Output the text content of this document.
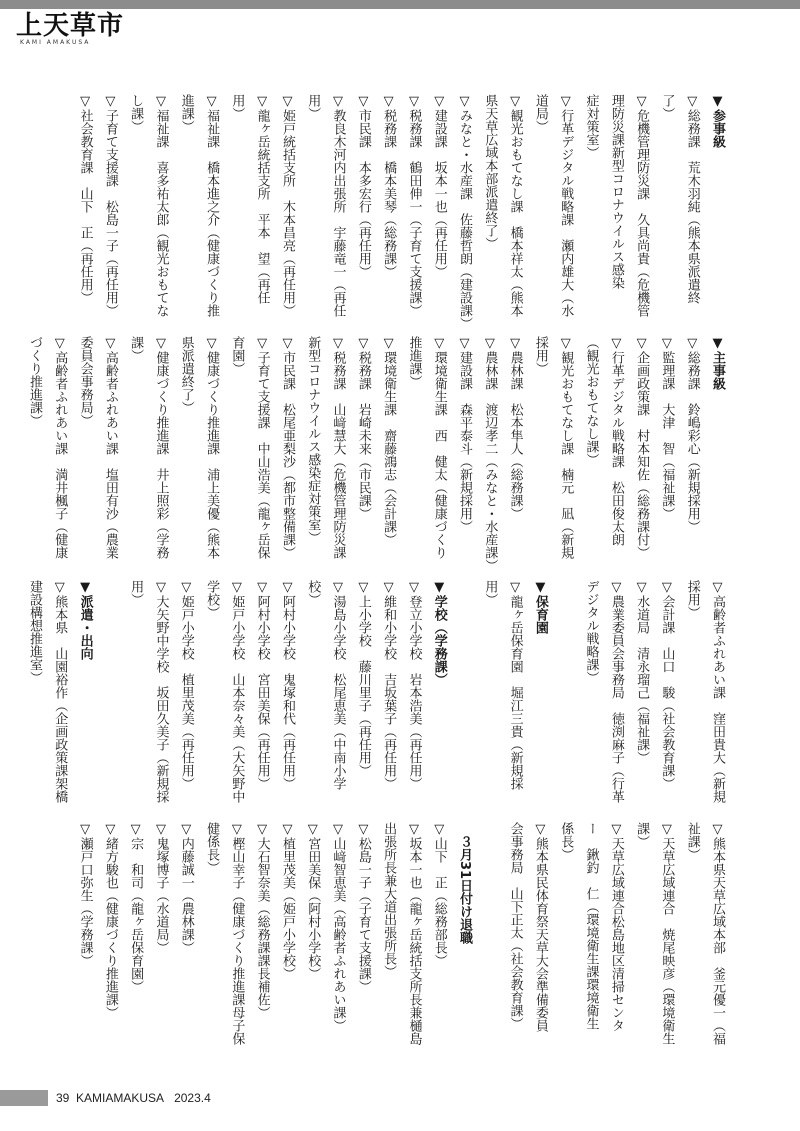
上天草市
KAMI AMAKUSA
▼参事級
▽総務課　荒木羽純（熊本県派遣終
了）
▽危機管理防災課　久具尚貴（危機管
理防災課新型コロナウイルス感染
症対策室）
▽行革デジタル戦略課　瀬内雄大（水
道局）
▽観光おもてなし課　橋本祥太（熊本
県天草広域本部派遣終了）
▽みなと・水産課　佐藤哲朗（建設課）
▽建設課　坂本一也（再任用）
▽税務課　鶴田伸一（子育て支援課）
▽税務課　橋本美琴（総務課）
▽市民課　本多宏行（再任用）
▽教良木河内出張所　宇藤竜一（再任
用）
▽姫戸統括支所　木本昌亮（再任用）
▽龍ヶ岳統括支所　平本　望（再任
用）
▽福祉課　橋本進之介（健康づくり推
進課）
▽福祉課　喜多祐太郎（観光おもてな
し課）
▽子育て支援課　松島一子（再任用）
▽社会教育課　山下　正（再任用）
▼主事級
▽総務課　鈴嶋彩心（新規採用）
▽監理課　大津　智（福祉課）
▽企画政策課　村本知佐（総務課付）
▽行革デジタル戦略課　松田俊太朗
（観光おもてなし課）
▽観光おもてなし課　楠元　凪（新規
採用）
▽農林課　松本隼人（総務課）
▽農林課　渡辺孝二（みなと・水産課）
▽建設課　森平泰斗（新規採用）
▽環境衛生課　西　健太（健康づくり
推進課）
▽環境衛生課　齋藤鴻志（会計課）
▽税務課　岩崎未来（市民課）
▽税務課　山﨑慧大（危機管理防災課
新型コロナウイルス感染症対策室）
▽市民課　松尾亜梨沙（都市整備課）
▽子育て支援課　中山浩美（龍ヶ岳保
育園）
▽健康づくり推進課　浦上美優（熊本
県派遣終了）
▽健康づくり推進課　井上照彩（学務
課）
▽高齢者ふれあい課　塩田有沙（農業
委員会事務局）
▽高齢者ふれあい課　満井楓子（健康
づくり推進課）
▽高齢者ふれあい課　窪田貴大（新規
採用）
▽会計課　山口　駿（社会教育課）
▽水道局　清永瑠己（福祉課）
▽農業委員会事務局　徳渕麻子（行革
デジタル戦略課）

▼保育園
▽龍ヶ岳保育園　堀江三貴（新規採
用）

▼学校（学務課）
▽登立小学校　岩本浩美（再任用）
▽維和小学校　吉坂葉子（再任用）
▽上小学校　藤川里子（再任用）
▽湯島小学校　松尾恵美（中南小学
校）
▽阿村小学校　鬼塚和代（再任用）
▽阿村小学校　宮田美保（再任用）
▽姫戸小学校　山本奈々美（大矢野中
学校）
▽姫戸小学校　植里茂美（再任用）
▽大矢野中学校　坂田久美子（新規採
用）

▼派遣・出向
▽熊本県　山園裕作（企画政策課架橋
建設構想推進室）
▽熊本県天草広域本部　釜元優一（福
祉課）
▽天草広域連合　焼尾映彦（環境衛生
課）
▽天草広域連合松島地区清掃センタ
ー　鍬釣　仁（環境衛生課環境衛生
係長）
▽熊本県民体育祭天草大会準備委員
会事務局　山下正太（社会教育課）

　３月31日付け退職
▽山下　正（総務部長）
▽坂本一也（龍ヶ岳統括支所長兼樋島
出張所長兼大道出張所長）
▽松島一子（子育て支援課）
▽山﨑智恵美（高齢者ふれあい課）
▽宮田美保（阿村小学校）
▽植里茂美（姫戸小学校）
▽大石智奈美（総務課課長補佐）
▽樫山幸子（健康づくり推進課母子保
健係長）
▽内藤誠一（農林課）
▽鬼塚博子（水道局）
▽宗　和司（龍ヶ岳保育園）
▽緒方駿也（健康づくり推進課）
▽瀬戸口弥生（学務課）
39 KAMIAMAKUSA 2023.4
